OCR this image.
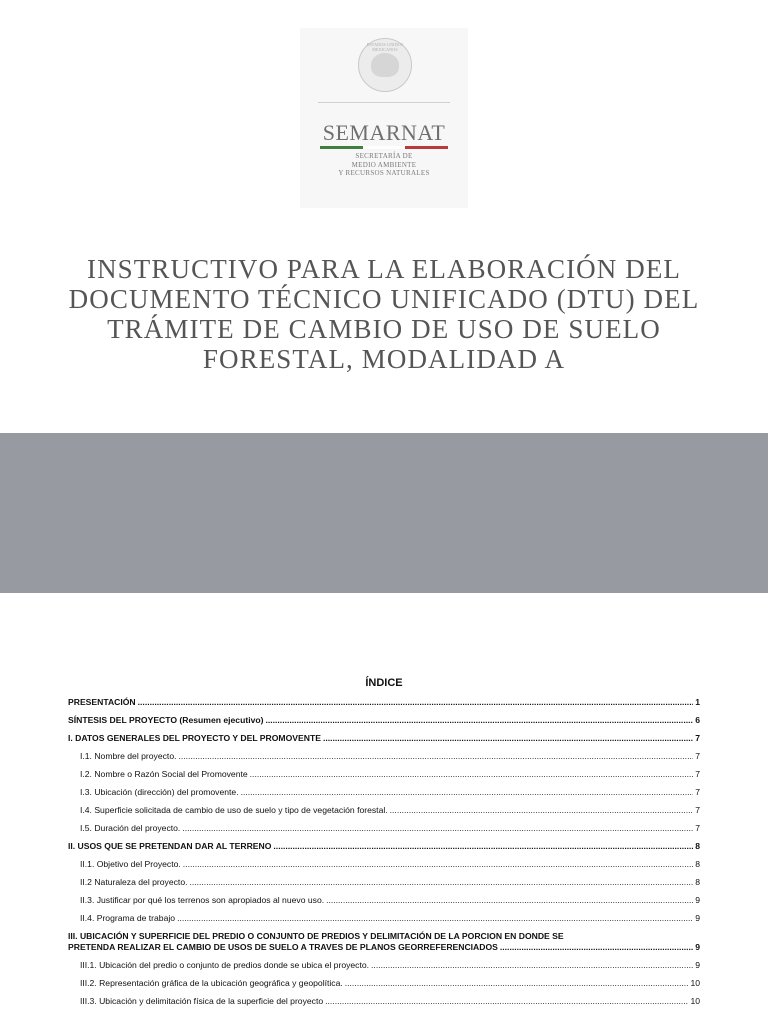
ESTADOS UNIDOS MEXICANOS
SEMARNAT
SECRETARÍA DE
MEDIO AMBIENTE
Y RECURSOS NATURALES
INSTRUCTIVO PARA LA ELABORACIÓN DEL
DOCUMENTO TÉCNICO UNIFICADO (DTU) DEL
TRÁMITE DE CAMBIO DE USO DE SUELO
FORESTAL, MODALIDAD A
ÍNDICE
PRESENTACIÓN .....	1
SÍNTESIS DEL PROYECTO (Resumen ejecutivo) .....	6
I. DATOS GENERALES DEL PROYECTO Y DEL PROMOVENTE .....	7
I.1. Nombre del proyecto. .....	7
I.2. Nombre o Razón Social del Promovente .....	7
I.3. Ubicación (dirección) del promovente. .....	7
I.4. Superficie solicitada de cambio de uso de suelo y tipo de vegetación forestal. .....	7
I.5. Duración del proyecto. .....	7
II. USOS QUE SE PRETENDAN DAR AL TERRENO .....	8
II.1. Objetivo del Proyecto. .....	8
II.2 Naturaleza del proyecto. .....	8
II.3. Justificar por qué los terrenos son apropiados al nuevo uso. .....	9
II.4. Programa de trabajo .....	9
III. UBICACIÓN Y SUPERFICIE DEL PREDIO O CONJUNTO DE PREDIOS Y DELIMITACIÓN DE LA PORCION EN DONDE SE
PRETENDA REALIZAR EL CAMBIO DE USOS DE SUELO A TRAVES DE PLANOS GEORREFERENCIADOS .....	9
III.1. Ubicación del predio o conjunto de predios donde se ubica el proyecto. .....	9
III.2. Representación gráfica de la ubicación geográfica y geopolítica. .....	10
III.3. Ubicación y delimitación física de la superficie del proyecto .....	10
